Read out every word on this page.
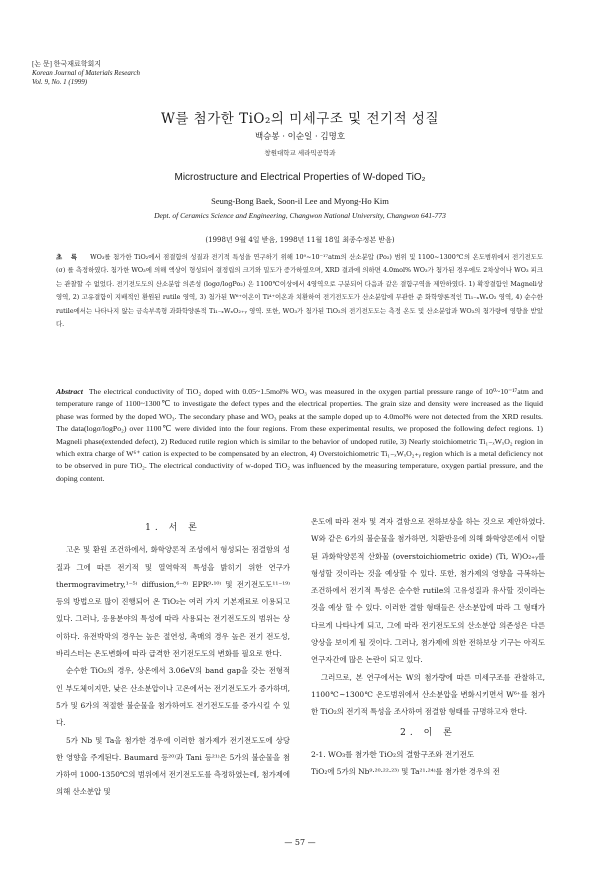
[논 문] 한국재료학회지
Korean Journal of Materials Research
Vol. 9, No. 1 (1999)
W를 첨가한 TiO₂의 미세구조 및 전기적 성질
백승봉 · 이순일 · 김명호
창원대학교 세라믹공학과
Microstructure and Electrical Properties of W-doped TiO₂
Seung-Bong Baek, Soon-il Lee and Myong-Ho Kim
Dept. of Ceramics Science and Engineering, Changwon National University, Changwon 641-773
(1998년 9월 4일 받음, 1998년 11월 18일 최종수정본 받음)
초 록 WO₃를 첨가한 TiO₂에서 점결함의 성질과 전기적 특성을 연구하기 위해 10⁰~10⁻¹⁷atm의 산소분압 (Po₂) 범위 및 1100~1300℃의 온도범위에서 전기전도도 (σ) 를 측정하였다. 첨가한 WO₃에 의해 액상이 형성되어 결정립의 크기와 밀도가 증가하였으며, XRD 결과에 의하면 4.0mol% WO₃가 첨가된 경우에도 2차상이나 WO₃ 피크는 관찰할 수 없었다. 전기전도도의 산소분압 의존성 (logσ/logPo₂) 은 1100℃이상에서 4영역으로 구분되어 다음과 같은 결함구역을 제안하였다. 1) 확장결함인 Magneli상 영역, 2) 고유결함이 지배적인 환원된 rutile 영역, 3) 첨가된 W⁶⁺이온이 Ti⁴⁺이온과 치환하여 전기전도도가 산소분압에 무관한 준 화학양론적인 Ti₁₋ₓWₓO₂ 영역, 4) 순수한 rutile에서는 나타나지 않는 금속부족형 과화학양론적 Ti₁₋ₓWₓO₂₊ᵧ 영역. 또한, WO₃가 첨가된 TiO₂의 전기전도도는 측정 온도 및 산소분압과 WO₃의 첨가량에 영향을 받았다.
Abstract The electrical conductivity of TiO₂ doped with 0.05~1.5mol% WO₃ was measured in the oxygen partial pressure range of 10⁰~10⁻¹⁷atm and temperature range of 1100~1300℃ to investigate the defect types and the electrical properties. The grain size and density were increased as the liquid phase was formed by the doped WO₃. The secondary phase and WO₃ peaks at the sample doped up to 4.0mol% were not detected from the XRD results. The data(logσ/logPo₂) over 1100℃ were divided into the four regions. From these experimental results, we proposed the following defect regions. 1) Magneli phase(extended defect), 2) Reduced rutile region which is similar to the behavior of undoped rutile, 3) Nearly stoichiometric Ti₁₋ₓWₓO₂ region in which extra charge of W⁶⁺ cation is expected to be compensated by an electron, 4) Overstoichiometric Ti₁₋ₓWₓO₂₊ᵧ region which is a metal deficiency not to be observed in pure TiO₂. The electrical conductivity of w-doped TiO₂ was influenced by the measuring temperature, oxygen partial pressure, and the doping content.
1. 서 론

고온 및 환원 조건하에서, 화학양론적 조성에서 형성되는 점결함의 성질과 그에 따른 전기적 및 열역학적 특성을 밝히기 위한 연구가 thermogravimetry,¹⁻⁵⁾ diffusion,⁶⁻⁸⁾ EPR⁹·¹⁰⁾ 및 전기전도도¹¹⁻¹⁹⁾ 등의 방법으로 많이 진행되어 온 TiO₂는 여러 가지 기본재료로 이용되고 있다. 그러나, 응용분야의 특성에 따라 사용되는 전기전도도의 범위는 상이하다. 유전박막의 경우는 높은 절연성, 촉매의 경우 높은 전기 전도성, 바리스터는 온도변화에 따라 급격한 전기전도도의 변화를 필요로 한다.

순수한 TiO₂의 경우, 상온에서 3.06eV의 band gap을 갖는 전형적인 부도체이지만, 낮은 산소분압이나 고온에서는 전기전도도가 증가하며, 5가 및 6가의 적절한 불순물을 첨가하여도 전기전도도를 증가시킬 수 있다.

5가 Nb 및 Ta을 첨가한 경우에 이러한 첨가제가 전기전도도에 상당한 영향을 주게된다. Baumard 등²⁰⁾과 Tani 등²¹⁾은 5가의 불순물을 첨가하여 1000-1350℃의 범위에서 전기전도도를 측정하였는데, 첨가제에 의해 산소분압 및

온도에 따라 전자 및 격자 결함으로 전하보상을 하는 것으로 제안하였다. W와 같은 6가의 불순물을 첨가하면, 치환반응에 의해 화학양론에서 이탈된 과화학양론적 산화물 (overstoichiometric oxide) (Ti, W)O₂₊ᵧ를 형성할 것이라는 것을 예상할 수 있다. 또한, 첨가제의 영향을 극복하는 조건하에서 전기적 특성은 순수한 rutile의 고유성질과 유사할 것이라는 것을 예상 할 수 있다. 이러한 결함 형태들은 산소분압에 따라 그 형태가 다르게 나타나게 되고, 그에 따라 전기전도도의 산소분압 의존성은 다른 양상을 보이게 될 것이다. 그러나, 첨가제에 의한 전하보상 기구는 아직도 연구자간에 많은 논란이 되고 있다.

그러므로, 본 연구에서는 W의 첨가량에 따른 미세구조를 관찰하고, 1100℃~1300℃ 온도범위에서 산소분압을 변화시키면서 W⁶⁺를 첨가한 TiO₂의 전기적 특성을 조사하여 점결함 형태를 규명하고자 한다.

2. 이 론
2-1. WO₃를 첨가한 TiO₂의 결함구조와 전기전도

TiO₂에 5가의 Nb⁹·²⁰·²²·²³⁾ 및 Ta²¹·²⁴⁾를 첨가한 경우의 전

— 57 —
